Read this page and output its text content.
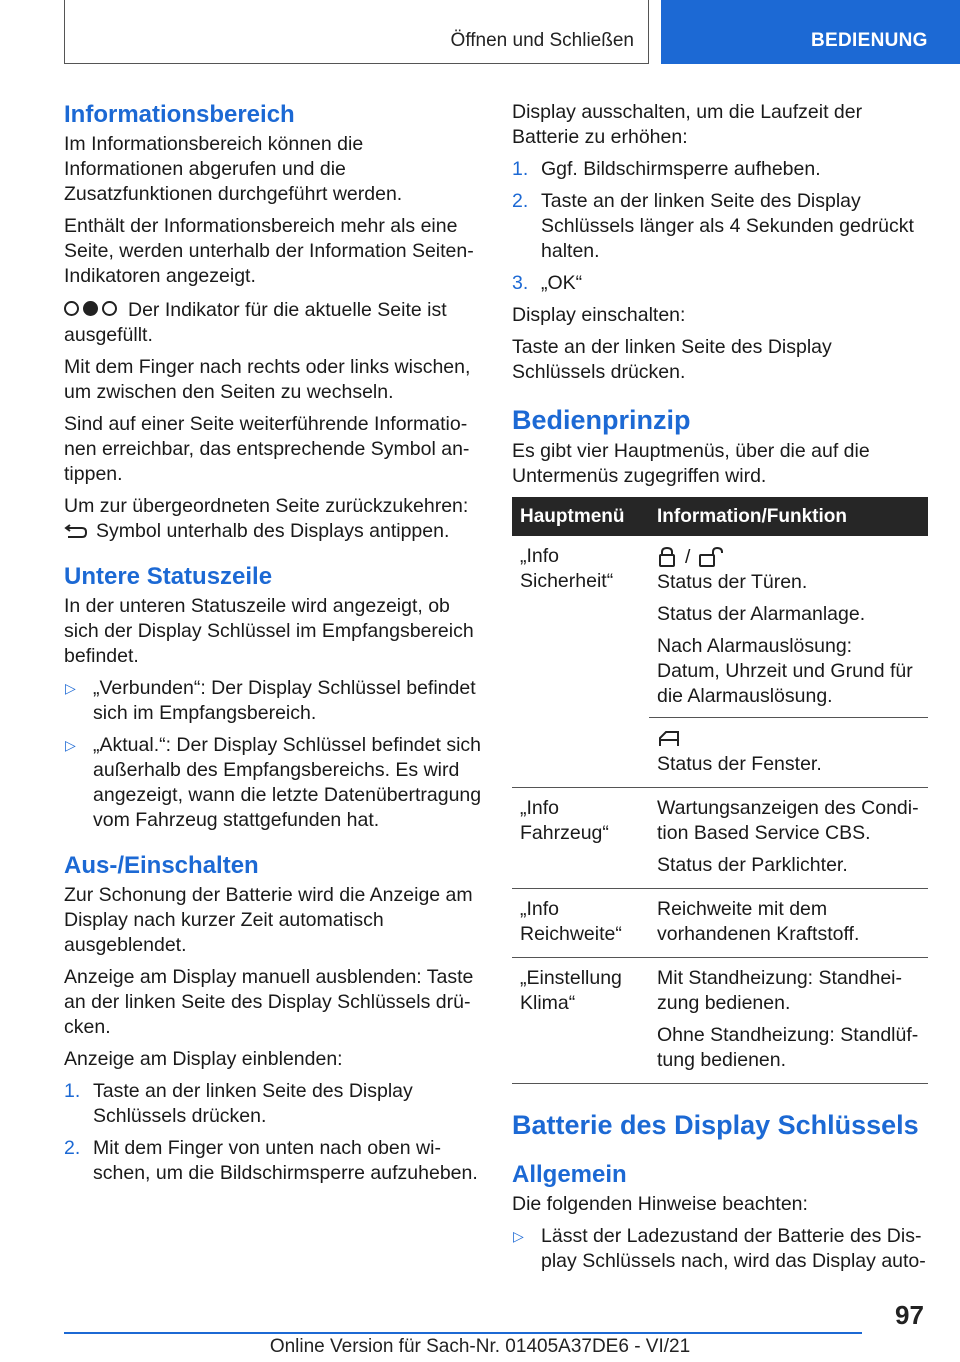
Öffnen und Schließen	BEDIENUNG
Informationsbereich

Im Informationsbereich können die Informationen abgerufen und die Zusatzfunktionen durchgeführt werden.

Enthält der Informationsbereich mehr als eine Seite, werden unterhalb der Information Seiten-Indikatoren angezeigt.

Der Indikator für die aktuelle Seite ist ausgefüllt.

Mit dem Finger nach rechts oder links wischen, um zwischen den Seiten zu wechseln.

Sind auf einer Seite weiterführende Informationen erreichbar, das entsprechende Symbol antippen.

Um zur übergeordneten Seite zurückzukehren:
Symbol unterhalb des Displays antippen.

Untere Statuszeile

In der unteren Statuszeile wird angezeigt, ob sich der Display Schlüssel im Empfangsbereich befindet.

▷ „Verbunden“: Der Display Schlüssel befindet sich im Empfangsbereich.
▷ „Aktual.“: Der Display Schlüssel befindet sich außerhalb des Empfangsbereichs. Es wird angezeigt, wann die letzte Datenübertragung vom Fahrzeug stattgefunden hat.
Aus-/Einschalten

Zur Schonung der Batterie wird die Anzeige am Display nach kurzer Zeit automatisch ausgeblendet.

Anzeige am Display manuell ausblenden: Taste an der linken Seite des Display Schlüssels drücken.

Anzeige am Display einblenden:

1. Taste an der linken Seite des Display Schlüssels drücken.
2. Mit dem Finger von unten nach oben wischen, um die Bildschirmsperre aufzuheben.

Display ausschalten, um die Laufzeit der Batterie zu erhöhen:

1. Ggf. Bildschirmsperre aufheben.
2. Taste an der linken Seite des Display Schlüssels länger als 4 Sekunden gedrückt halten.
3. „OK“

Display einschalten:

Taste an der linken Seite des Display Schlüssels drücken.

Bedienprinzip

Es gibt vier Hauptmenüs, über die auf die Untermenüs zugegriffen wird.

Hauptmenü	Information/Funktion
„Info Sicherheit“	/

Status der Türen.

Status der Alarmanlage.

Nach Alarmauslösung: Datum, Uhrzeit und Grund für die Alarmauslösung.

Status der Fenster.

„Info Fahrzeug“	Wartungsanzeigen des Condition Based Service CBS.

Status der Parklichter.

„Info Reichweite“	Reichweite mit dem vorhandenen Kraftstoff.

„Einstellung Klima“	Mit Standheizung: Standheizung bedienen.

Ohne Standheizung: Standlüftung bedienen.

Batterie des Display Schlüssels
Allgemein

Die folgenden Hinweise beachten:

▷ Lässt der Ladezustand der Batterie des Display Schlüssels nach, wird das Display auto-
97
Online Version für Sach-Nr. 01405A37DE6 - VI/21
